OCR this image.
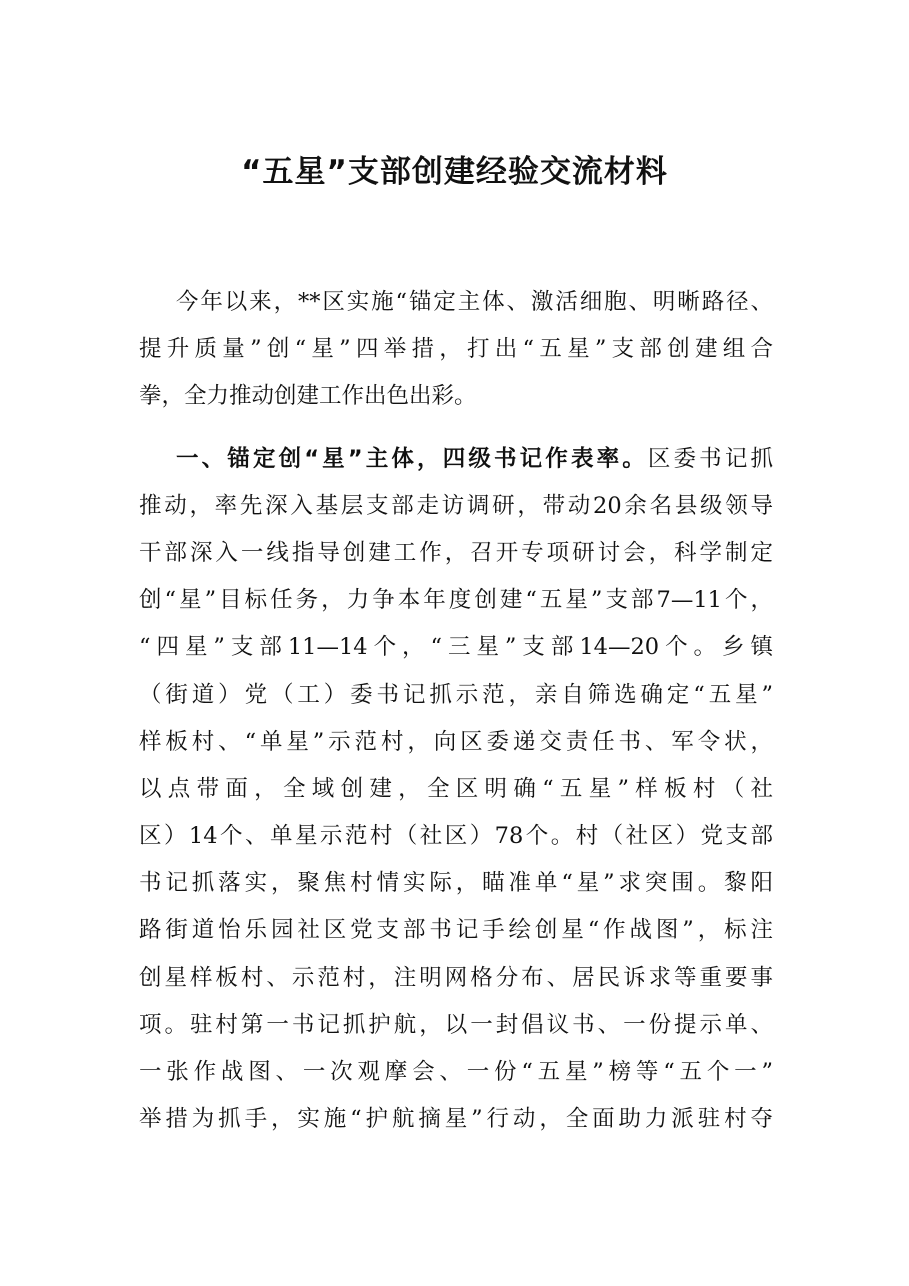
“五星”支部创建经验交流材料
今年以来，**区实施“锚定主体、激活细胞、明晰路径、
提升质量”创“星”四举措，打出“五星”支部创建组合
拳，全力推动创建工作出色出彩。
一、锚定创“星”主体，四级书记作表率。区委书记抓
推动，率先深入基层支部走访调研，带动20余名县级领导
干部深入一线指导创建工作，召开专项研讨会，科学制定
创“星”目标任务，力争本年度创建“五星”支部7—11个，
“四星”支部11—14个，“三星”支部14—20个。乡镇
（街道）党（工）委书记抓示范，亲自筛选确定“五星”
样板村、“单星”示范村，向区委递交责任书、军令状，
以点带面，全域创建，全区明确“五星”样板村（社
区）14个、单星示范村（社区）78个。村（社区）党支部
书记抓落实，聚焦村情实际，瞄准单“星”求突围。黎阳
路街道怡乐园社区党支部书记手绘创星“作战图”，标注
创星样板村、示范村，注明网格分布、居民诉求等重要事
项。驻村第一书记抓护航，以一封倡议书、一份提示单、
一张作战图、一次观摩会、一份“五星”榜等“五个一”
举措为抓手，实施“护航摘星”行动，全面助力派驻村夺
